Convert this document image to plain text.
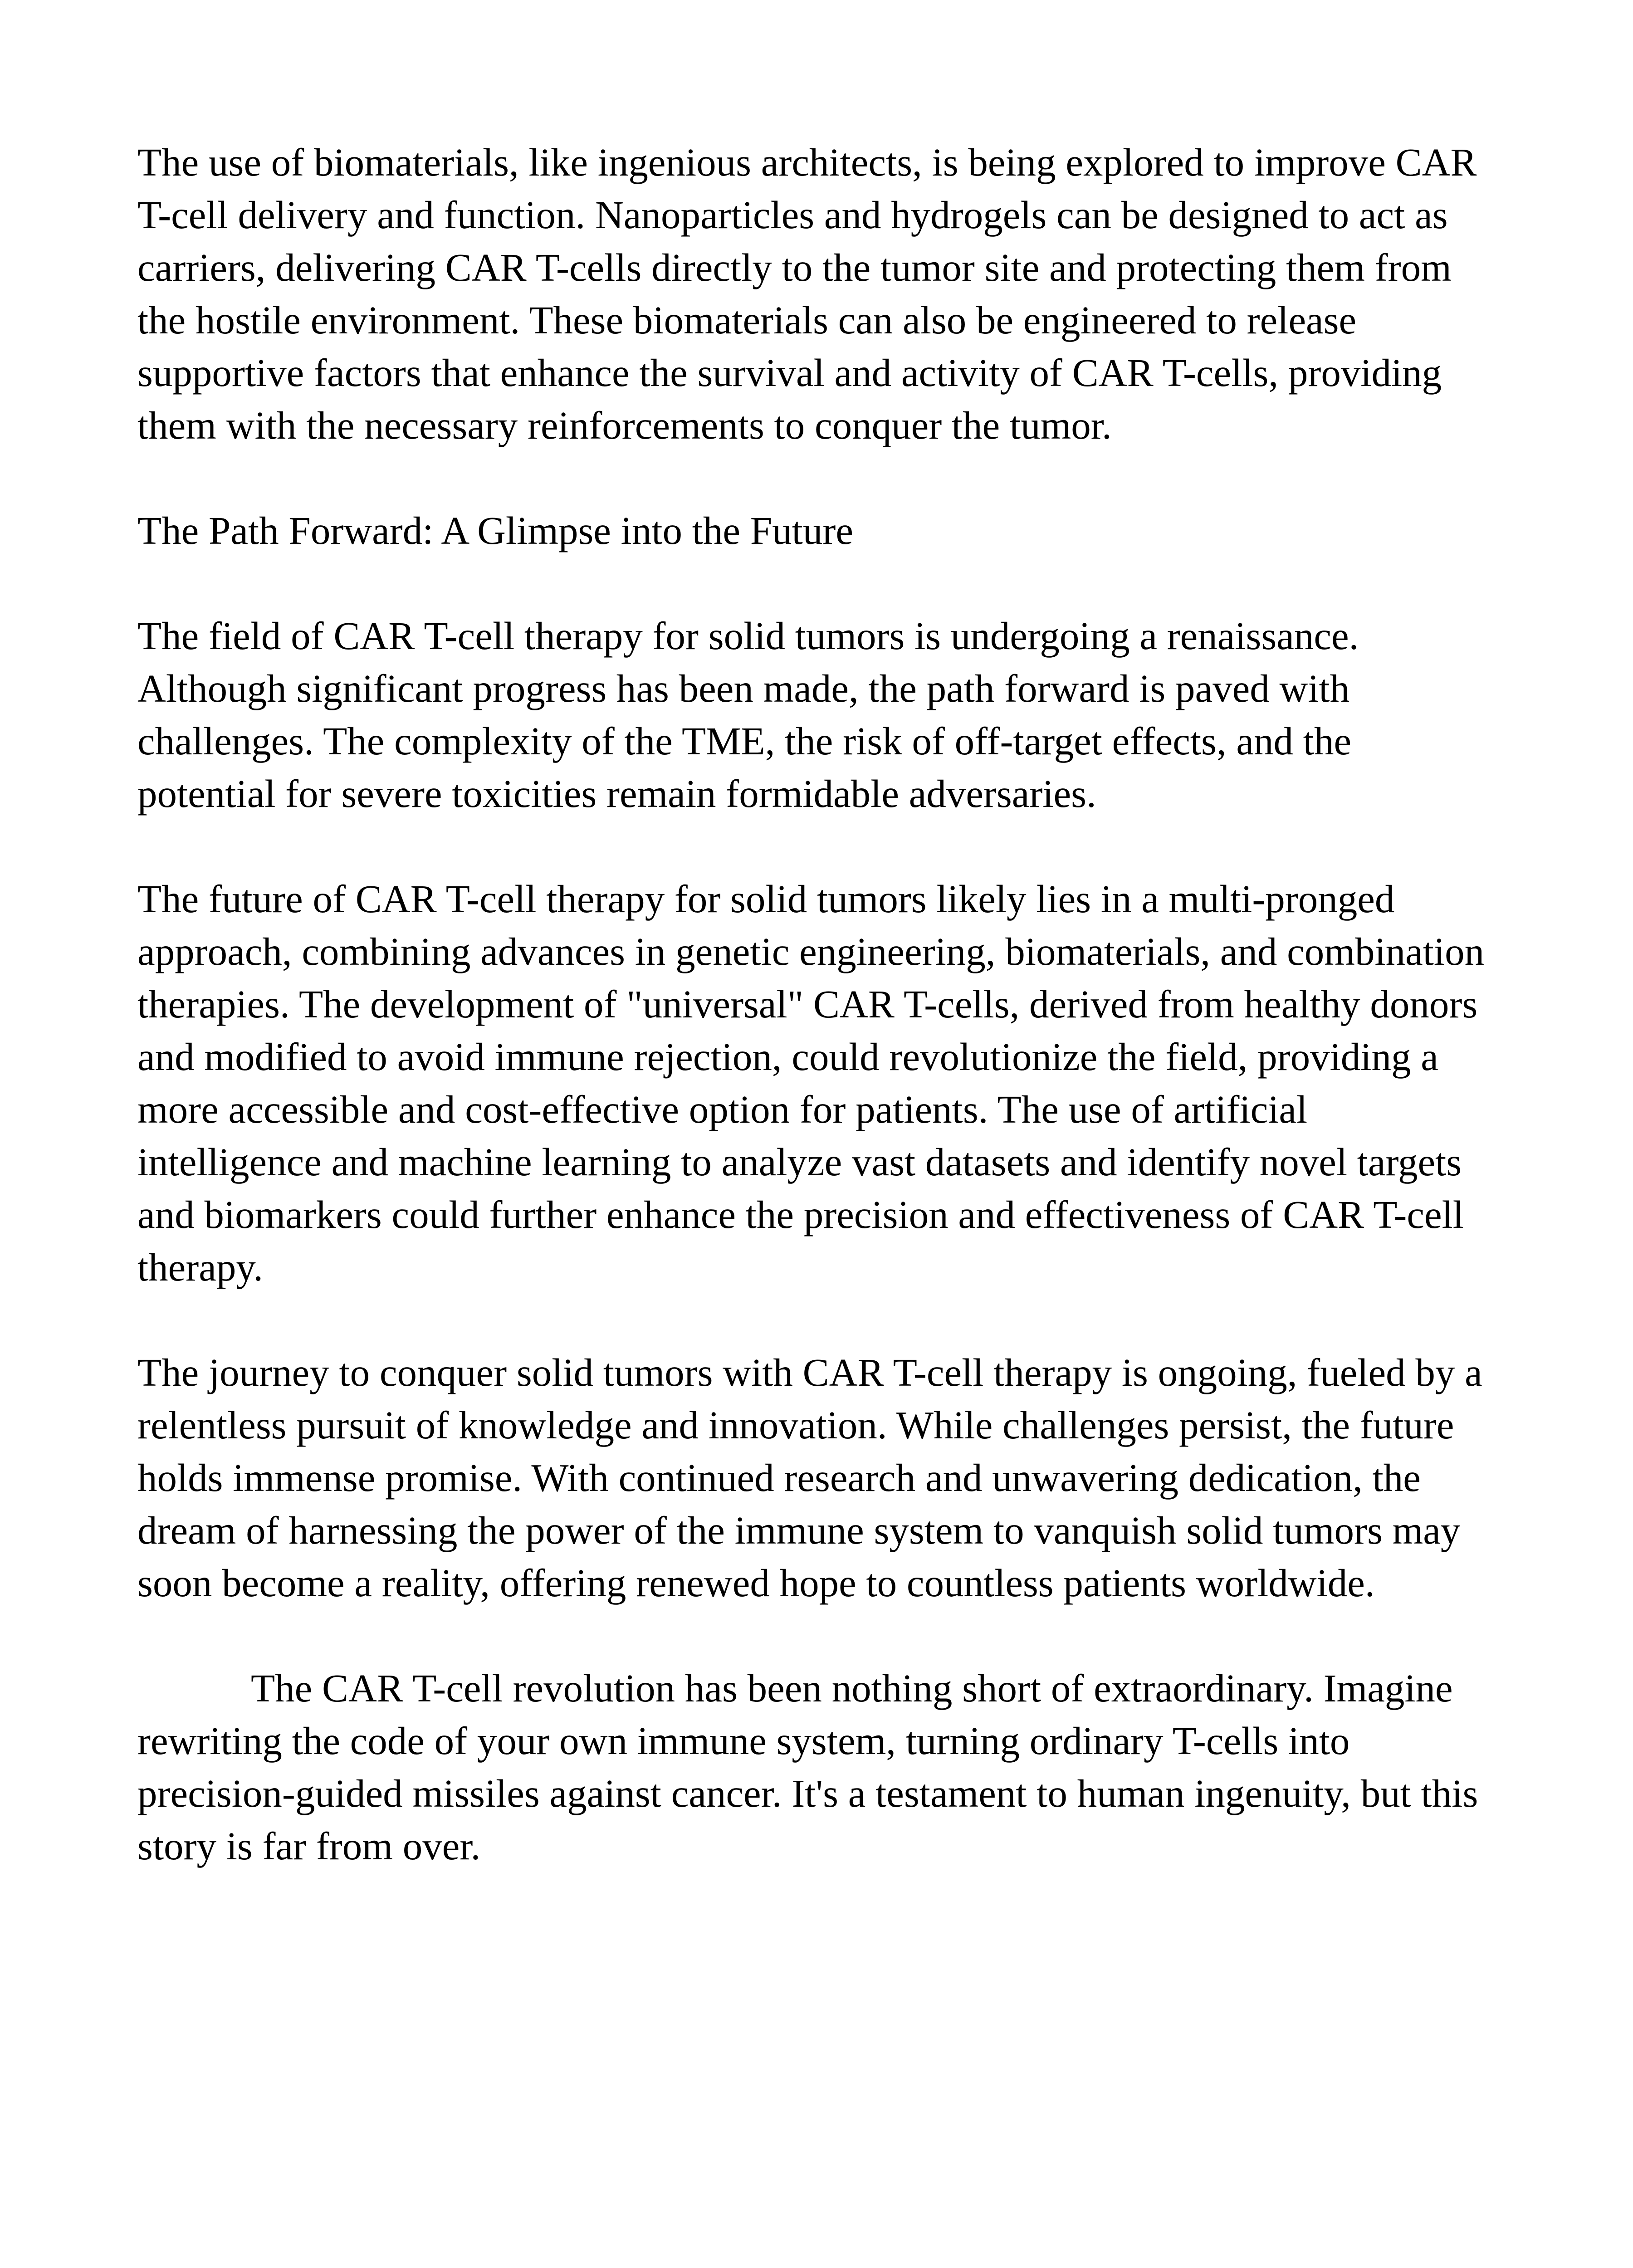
The use of biomaterials, like ingenious architects, is being explored to improve CAR T-cell delivery and function. Nanoparticles and hydrogels can be designed to act as carriers, delivering CAR T-cells directly to the tumor site and protecting them from the hostile environment. These biomaterials can also be engineered to release supportive factors that enhance the survival and activity of CAR T-cells, providing them with the necessary reinforcements to conquer the tumor.

The Path Forward: A Glimpse into the Future

The field of CAR T-cell therapy for solid tumors is undergoing a renaissance. Although significant progress has been made, the path forward is paved with challenges. The complexity of the TME, the risk of off-target effects, and the potential for severe toxicities remain formidable adversaries.

The future of CAR T-cell therapy for solid tumors likely lies in a multi-pronged approach, combining advances in genetic engineering, biomaterials, and combination therapies. The development of "universal" CAR T-cells, derived from healthy donors and modified to avoid immune rejection, could revolutionize the field, providing a more accessible and cost-effective option for patients. The use of artificial intelligence and machine learning to analyze vast datasets and identify novel targets and biomarkers could further enhance the precision and effectiveness of CAR T-cell therapy.

The journey to conquer solid tumors with CAR T-cell therapy is ongoing, fueled by a relentless pursuit of knowledge and innovation. While challenges persist, the future holds immense promise. With continued research and unwavering dedication, the dream of harnessing the power of the immune system to vanquish solid tumors may soon become a reality, offering renewed hope to countless patients worldwide.

The CAR T-cell revolution has been nothing short of extraordinary. Imagine rewriting the code of your own immune system, turning ordinary T-cells into precision-guided missiles against cancer. It's a testament to human ingenuity, but this story is far from over.
